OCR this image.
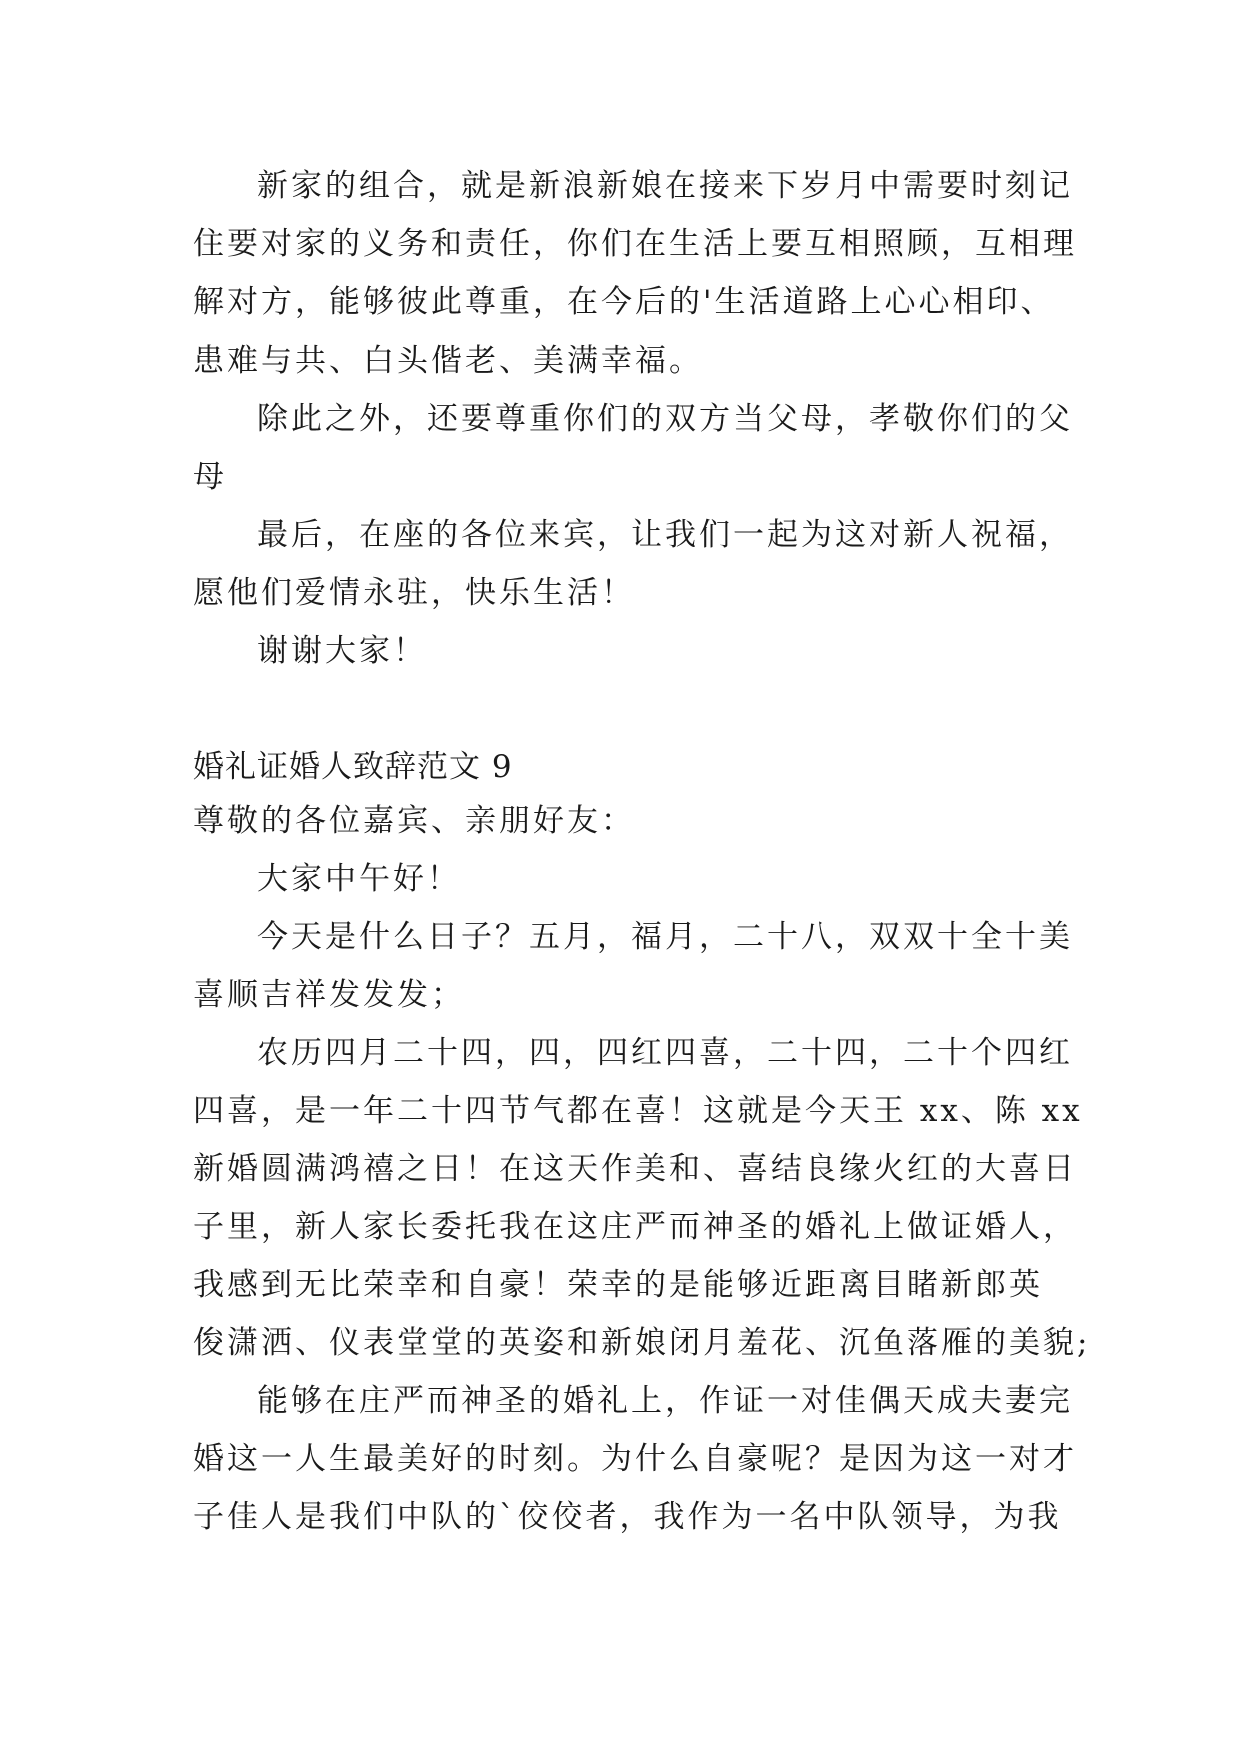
新家的组合，就是新浪新娘在接来下岁月中需要时刻记
住要对家的义务和责任，你们在生活上要互相照顾，互相理
解对方，能够彼此尊重，在今后的'生活道路上心心相印、
患难与共、白头偕老、美满幸福。
除此之外，还要尊重你们的双方当父母，孝敬你们的父
母
最后，在座的各位来宾，让我们一起为这对新人祝福，
愿他们爱情永驻，快乐生活！
谢谢大家！
婚礼证婚人致辞范文 9
尊敬的各位嘉宾、亲朋好友：
大家中午好！
今天是什么日子？五月，福月，二十八，双双十全十美
喜顺吉祥发发发；
农历四月二十四，四，四红四喜，二十四，二十个四红
四喜，是一年二十四节气都在喜！这就是今天王 xx、陈 xx
新婚圆满鸿禧之日！在这天作美和、喜结良缘火红的大喜日
子里，新人家长委托我在这庄严而神圣的婚礼上做证婚人，
我感到无比荣幸和自豪！荣幸的是能够近距离目睹新郎英
俊潇洒、仪表堂堂的英姿和新娘闭月羞花、沉鱼落雁的美貌;
能够在庄严而神圣的婚礼上，作证一对佳偶天成夫妻完
婚这一人生最美好的时刻。为什么自豪呢？是因为这一对才
子佳人是我们中队的`佼佼者，我作为一名中队领导，为我
